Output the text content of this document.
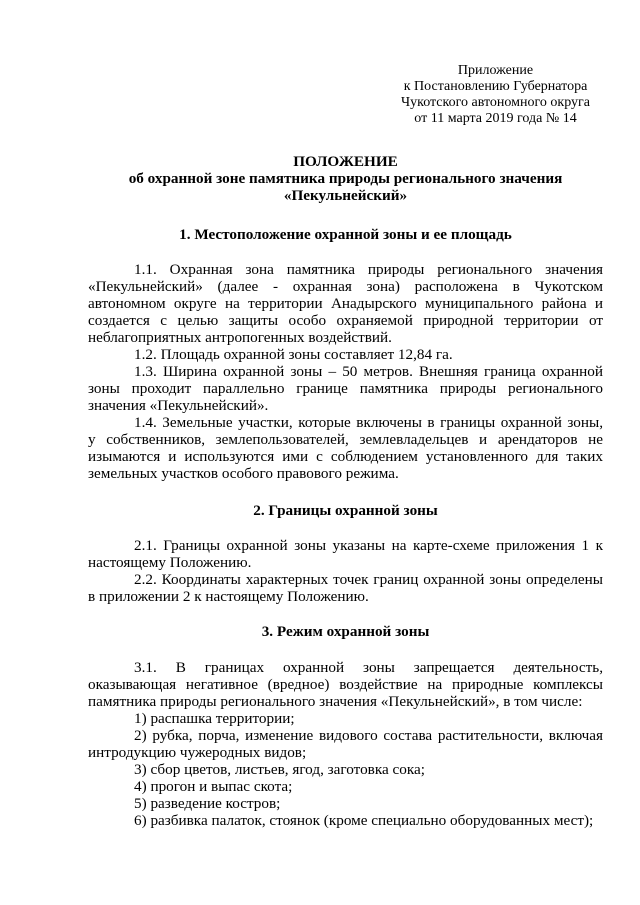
Приложение
к Постановлению Губернатора
Чукотского автономного округа
от 11 марта 2019 года № 14
ПОЛОЖЕНИЕ
об охранной зоне памятника природы регионального значения
«Пекульнейский»
1. Местоположение охранной зоны и ее площадь
1.1. Охранная зона памятника природы регионального значения
«Пекульнейский» (далее - охранная зона) расположена в Чукотском
автономном округе на территории Анадырского муниципального района и
создается с целью защиты особо охраняемой природной территории от
неблагоприятных антропогенных воздействий.
1.2. Площадь охранной зоны составляет 12,84 га.
1.3. Ширина охранной зоны – 50 метров. Внешняя граница охранной
зоны проходит параллельно границе памятника природы регионального
значения «Пекульнейский».
1.4. Земельные участки, которые включены в границы охранной зоны,
у собственников, землепользователей, землевладельцев и арендаторов не
изымаются и используются ими с соблюдением установленного для таких
земельных участков особого правового режима.
2. Границы охранной зоны
2.1. Границы охранной зоны указаны на карте-схеме приложения 1 к
настоящему Положению.
2.2. Координаты характерных точек границ охранной зоны определены
в приложении 2 к настоящему Положению.
3. Режим охранной зоны
3.1. В границах охранной зоны запрещается деятельность,
оказывающая негативное (вредное) воздействие на природные комплексы
памятника природы регионального значения «Пекульнейский», в том числе:
1) распашка территории;
2) рубка, порча, изменение видового состава растительности, включая
интродукцию чужеродных видов;
3) сбор цветов, листьев, ягод, заготовка сока;
4) прогон и выпас скота;
5) разведение костров;
6) разбивка палаток, стоянок (кроме специально оборудованных мест);
